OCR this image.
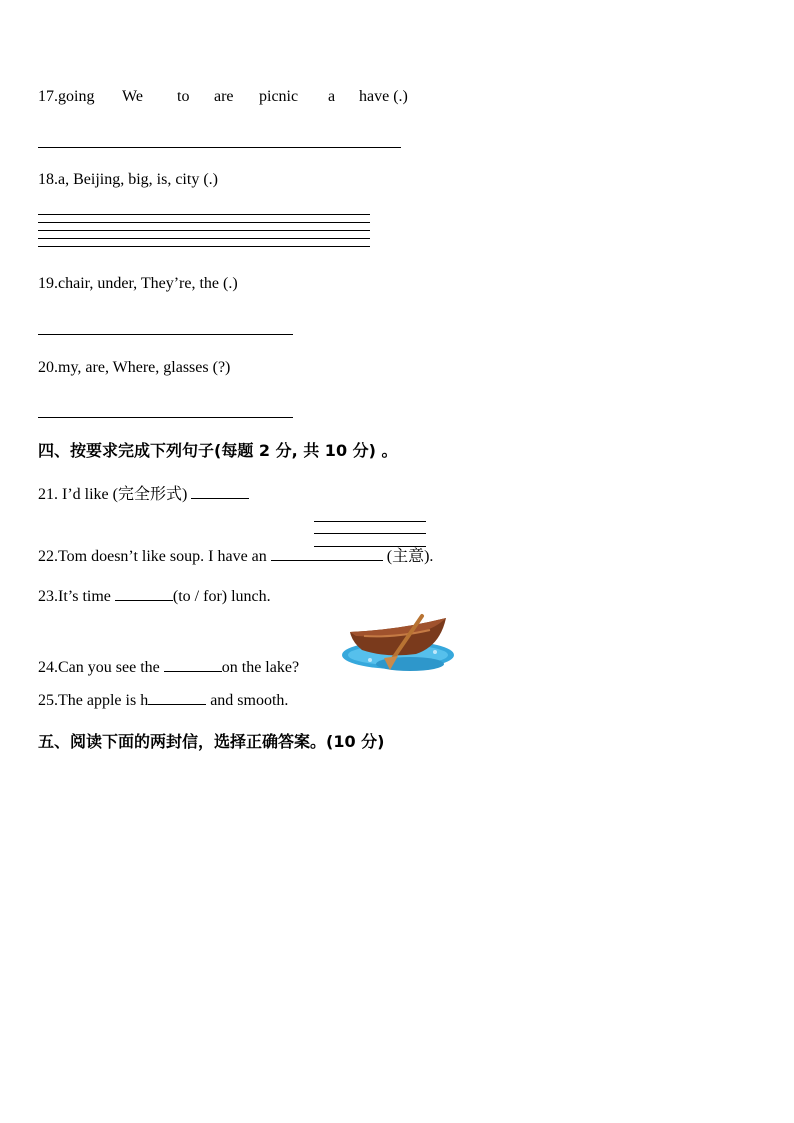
17.going We to are picnic a have (.)
18.a, Beijing, big, is, city (.)
19.chair, under, They’re, the (.)
20.my, are, Where, glasses (?)
四、按要求完成下列句子(每题 2 分, 共 10 分) 。
21. I’d like (完全形式)
22.Tom doesn’t like soup. I have an	(主意).
23.It’s time	(to / for) lunch.
24.Can you see the	on the lake?
25.The apple is h	and smooth.
五、阅读下面的两封信，选择正确答案。(10 分)
